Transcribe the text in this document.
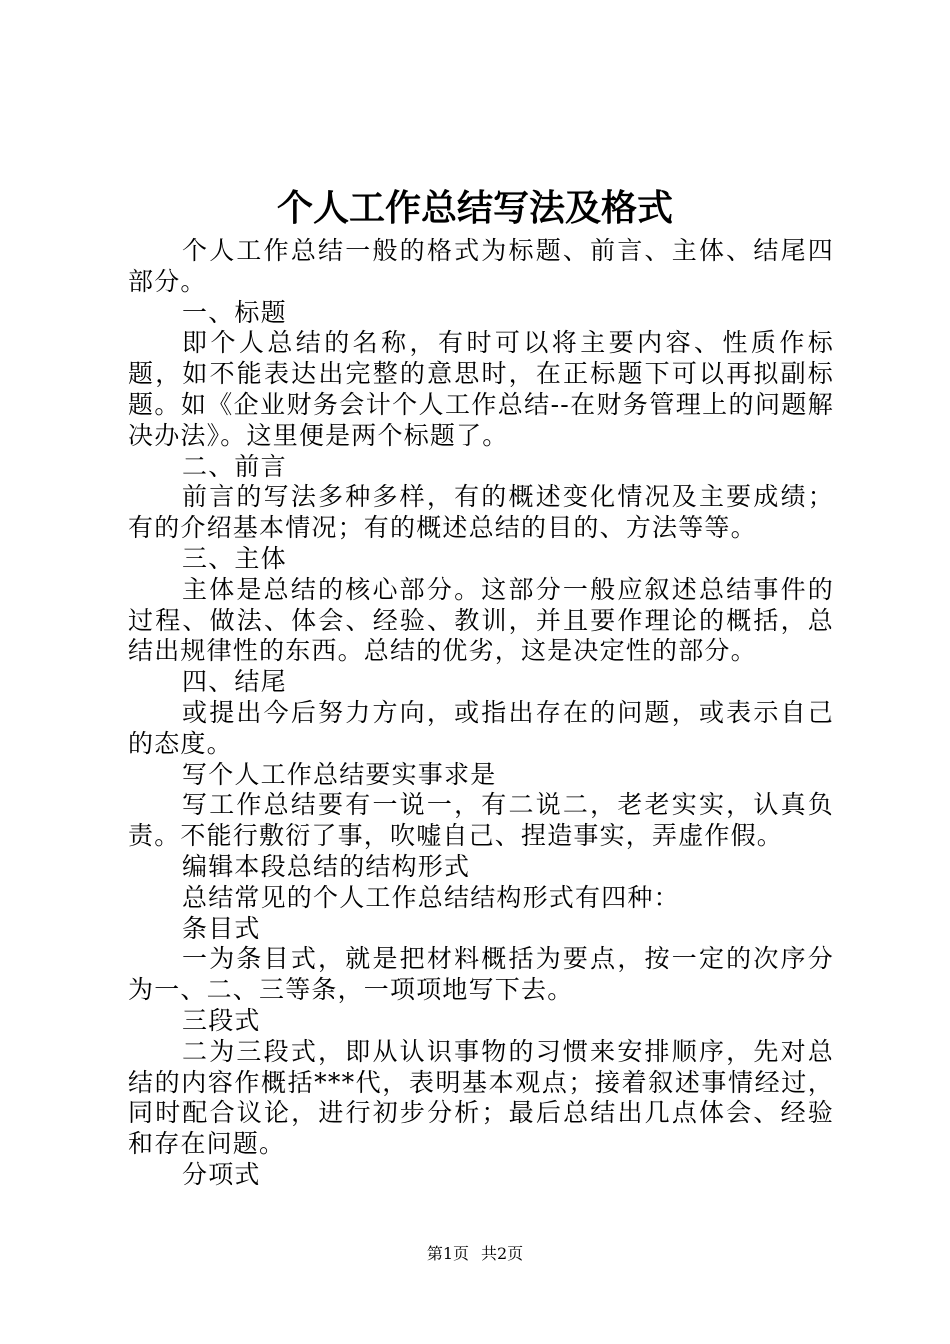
个人工作总结写法及格式

个人工作总结一般的格式为标题、前言、主体、结尾四部分。

一、标题

即个人总结的名称，有时可以将主要内容、性质作标题，如不能表达出完整的意思时，在正标题下可以再拟副标题。如《企业财务会计个人工作总结--在财务管理上的问题解决办法》。这里便是两个标题了。

二、前言

前言的写法多种多样，有的概述变化情况及主要成绩；有的介绍基本情况；有的概述总结的目的、方法等等。

三、主体

主体是总结的核心部分。这部分一般应叙述总结事件的过程、做法、体会、经验、教训，并且要作理论的概括，总结出规律性的东西。总结的优劣，这是决定性的部分。

四、结尾

或提出今后努力方向，或指出存在的问题，或表示自己的态度。

写个人工作总结要实事求是

写工作总结要有一说一，有二说二，老老实实，认真负责。不能行敷衍了事，吹嘘自己、捏造事实，弄虚作假。

编辑本段总结的结构形式

总结常见的个人工作总结结构形式有四种：

条目式

一为条目式，就是把材料概括为要点，按一定的次序分为一、二、三等条，一项项地写下去。

三段式

二为三段式，即从认识事物的习惯来安排顺序，先对总结的内容作概括***代，表明基本观点；接着叙述事情经过，同时配合议论，进行初步分析；最后总结出几点体会、经验和存在问题。

分项式

第1页 共2页
